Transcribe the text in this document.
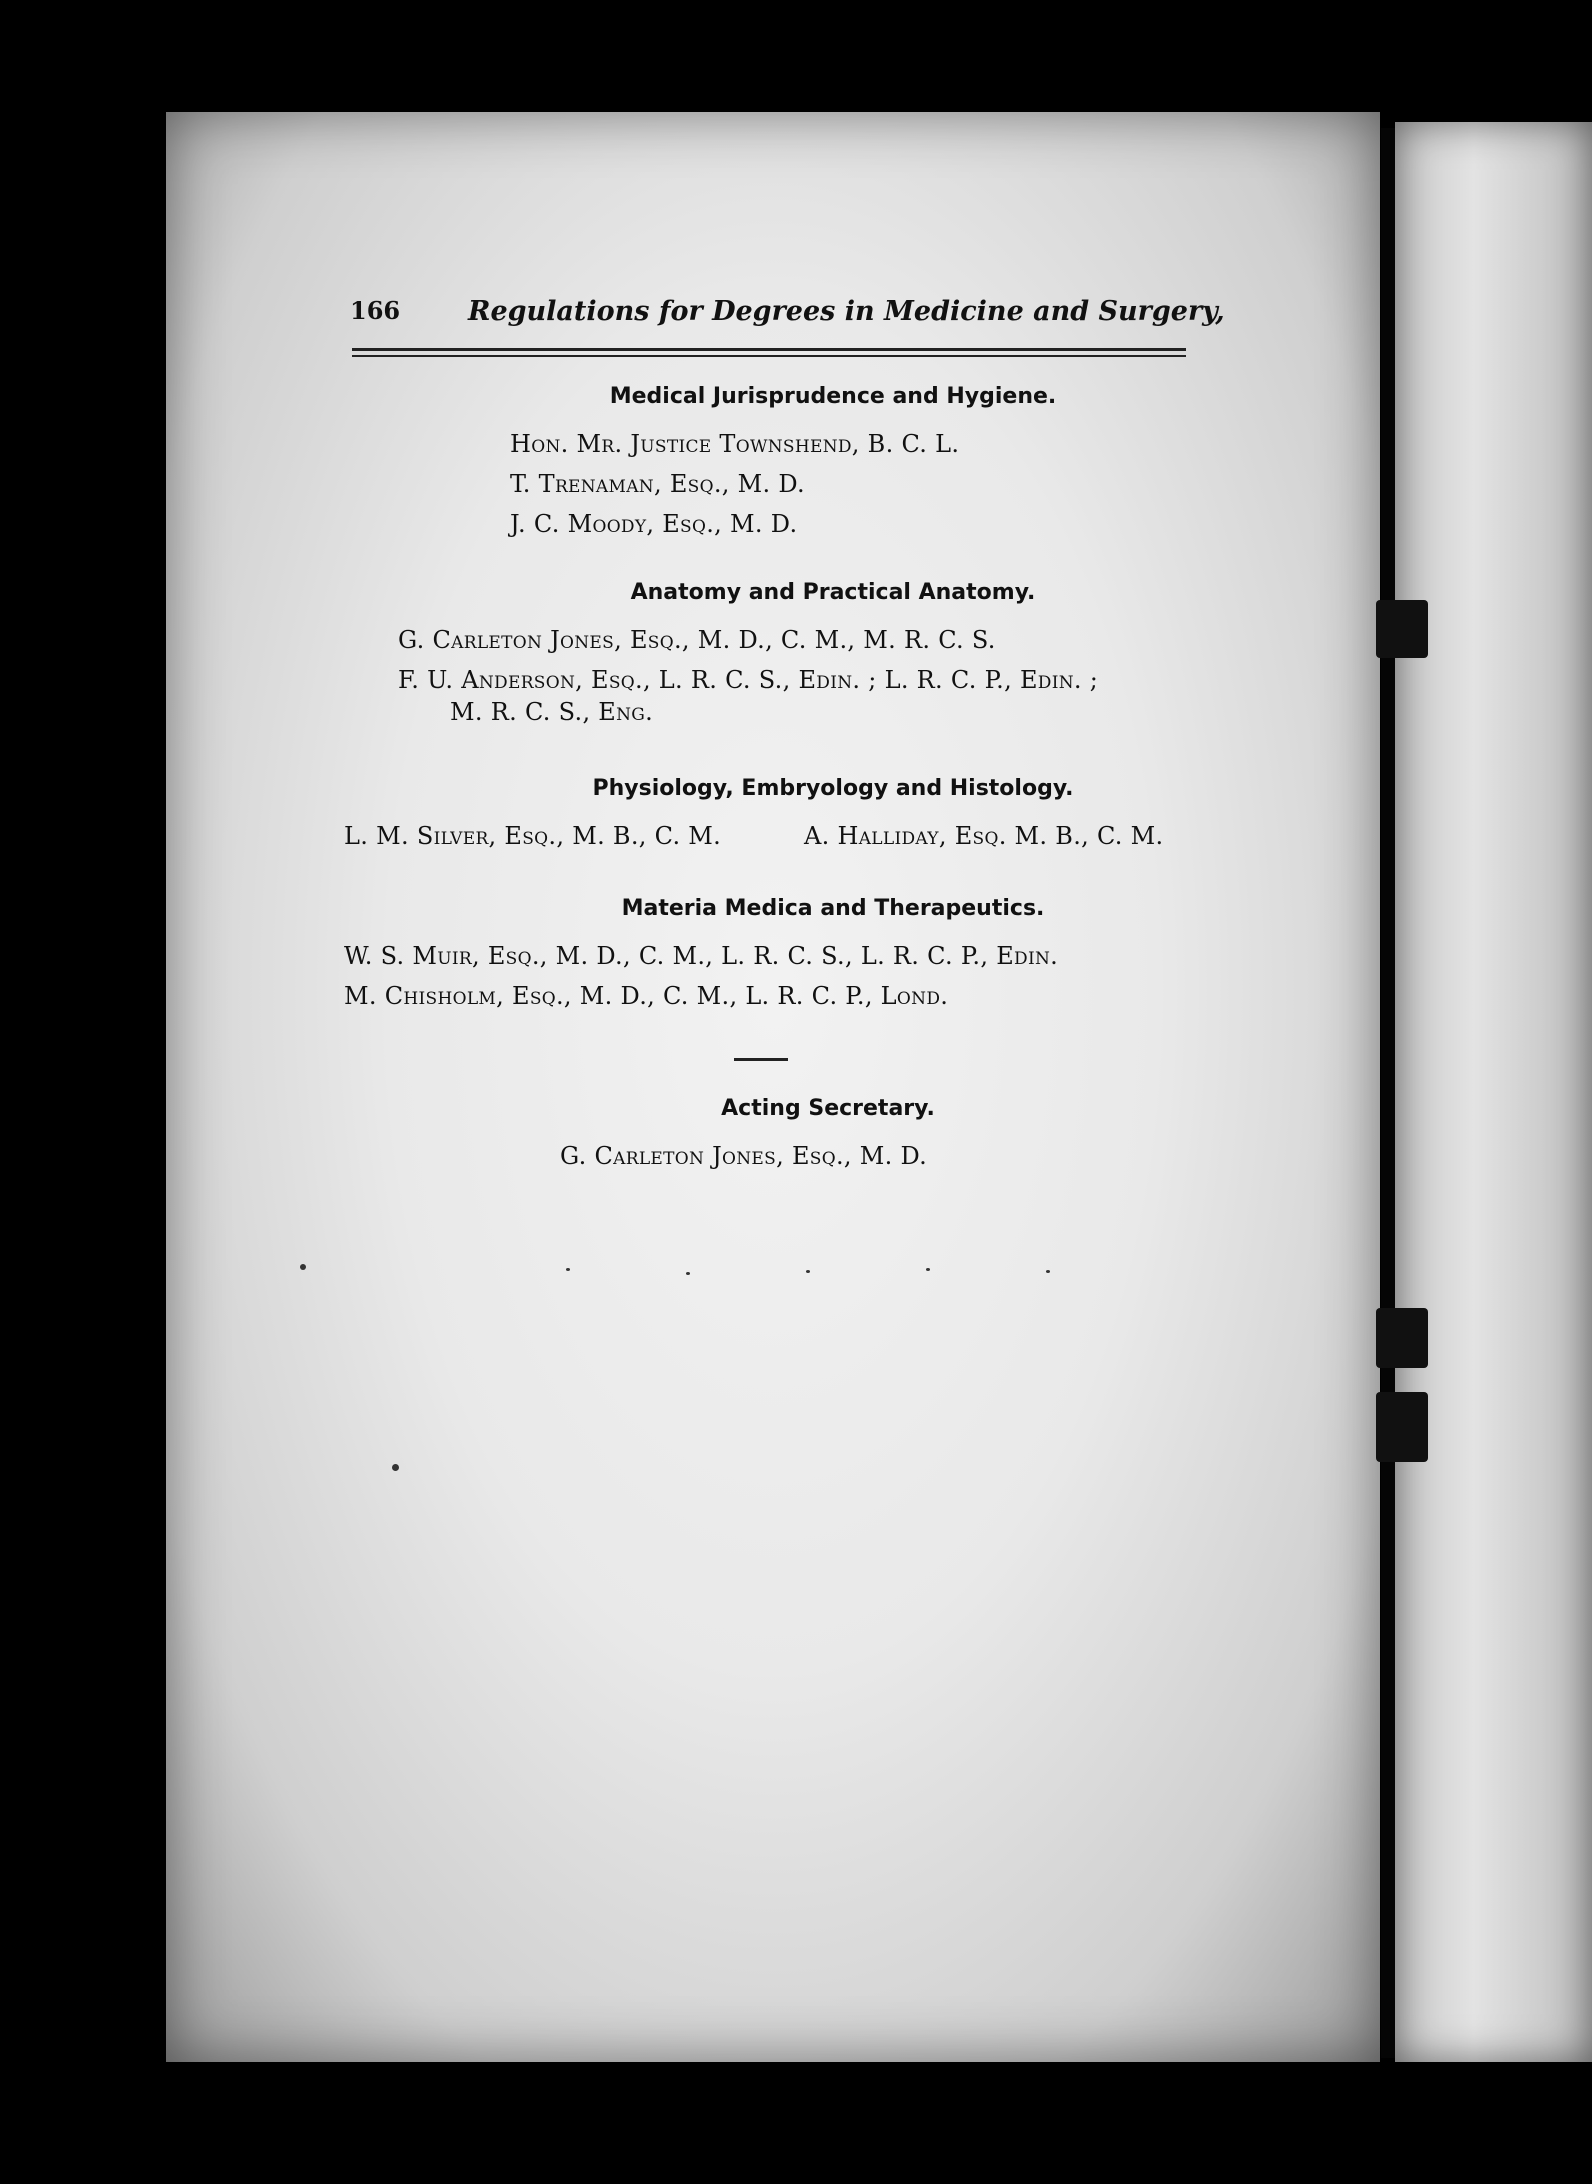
166	Regulations for Degrees in Medicine and Surgery,
Medical Jurisprudence and Hygiene.
Hon. Mr. Justice Townshend, B. C. L.
T. Trenaman, Esq., M. D.
J. C. Moody, Esq., M. D.
Anatomy and Practical Anatomy.
G. Carleton Jones, Esq., M. D., C. M., M. R. C. S.
F. U. Anderson, Esq., L. R. C. S., Edin. ; L. R. C. P., Edin. ;
M. R. C. S., Eng.
Physiology, Embryology and Histology.
L. M. Silver, Esq., M. B., C. M.	A. Halliday, Esq. M. B., C. M.
Materia Medica and Therapeutics.
W. S. Muir, Esq., M. D., C. M., L. R. C. S., L. R. C. P., Edin.
M. Chisholm, Esq., M. D., C. M., L. R. C. P., Lond.
Acting Secretary.
G. Carleton Jones, Esq., M. D.
